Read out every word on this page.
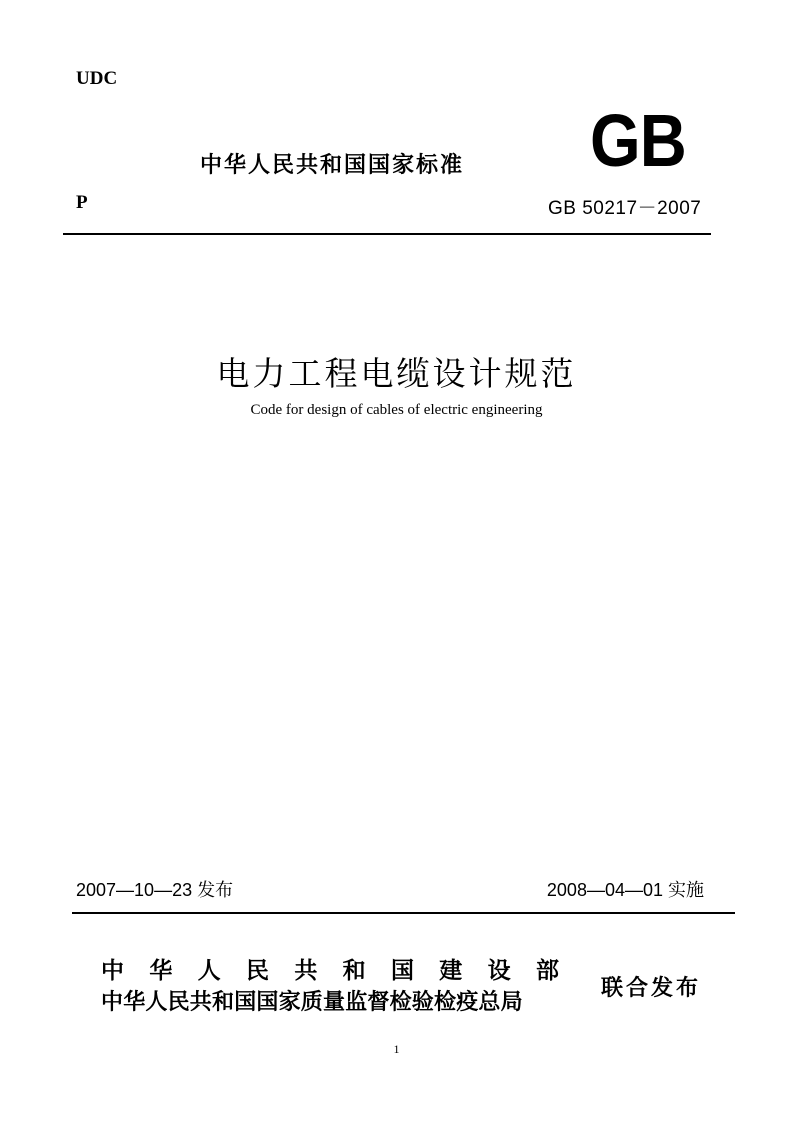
UDC
中华人民共和国国家标准 GB
P	GB 50217－2007
电力工程电缆设计规范
Code for design of cables of electric engineering
2007—10—23 发布	2008—04—01 实施
中 华 人 民 共 和 国 建 设 部
中华人民共和国国家质量监督检验检疫总局
联合发布
1
